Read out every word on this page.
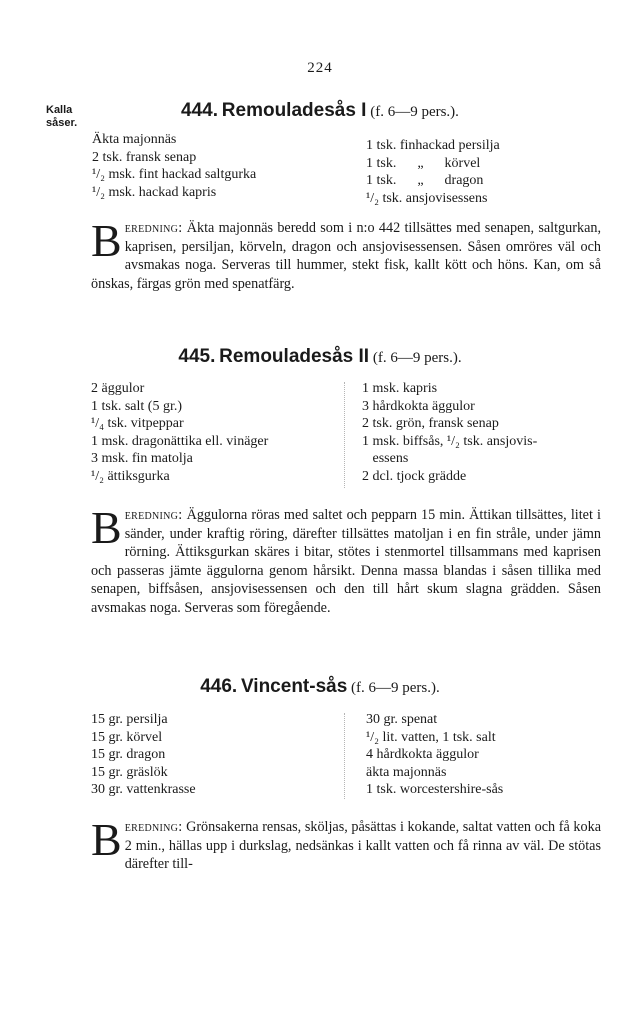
224
Kalla
såser.
444. Remouladesås I (f. 6—9 pers.).
Äkta majonnäs
2 tsk. fransk senap
¹/₂ msk. fint hackad saltgurka
¹/₂ msk. hackad kapris
1 tsk. finhackad persilja
1 tsk.      „      körvel
1 tsk.      „      dragon
¹/₂ tsk. ansjovisessens

B eredning: Äkta majonnäs beredd som i n:o 442 tillsättes med senapen, saltgurkan, kaprisen, persiljan, körveln, dragon och ansjovisessensen. Såsen omröres väl och avsmakas noga. Serveras till hummer, stekt fisk, kallt kött och höns. Kan, om så önskas, färgas grön med spenatfärg.

445. Remouladesås II (f. 6—9 pers.).
2 äggulor
1 tsk. salt (5 gr.)
¹/₄ tsk. vitpeppar
1 msk. dragonättika ell. vinäger
3 msk. fin matolja
¹/₂ ättiksgurka
1 msk. kapris
3 hårdkokta äggulor
2 tsk. grön, fransk senap
1 msk. biffsås, ¹/₂ tsk. ansjovis-
essens
2 dcl. tjock grädde

B eredning: Äggulorna röras med saltet och pepparn 15 min. Ättikan tillsättes, litet i sänder, under kraftig röring, därefter tillsättes matoljan i en fin stråle, under jämn rörning. Ättiksgurkan skäres i bitar, stötes i stenmortel tillsammans med kaprisen och passeras jämte äggulorna genom hårsikt. Denna massa blandas i såsen tillika med senapen, biffsåsen, ansjovisessensen och den till hårt skum slagna grädden. Såsen avsmakas noga. Serveras som föregående.

446. Vincent-sås (f. 6—9 pers.).
15 gr. persilja
15 gr. körvel
15 gr. dragon
15 gr. gräslök
30 gr. vattenkrasse
30 gr. spenat
¹/₂ lit. vatten, 1 tsk. salt
4 hårdkokta äggulor
äkta majonnäs
1 tsk. worcestershire-sås

B eredning: Grönsakerna rensas, sköljas, påsättas i kokande, saltat vatten och få koka 2 min., hällas upp i durkslag, nedsänkas i kallt vatten och få rinna av väl. De stötas därefter till-
